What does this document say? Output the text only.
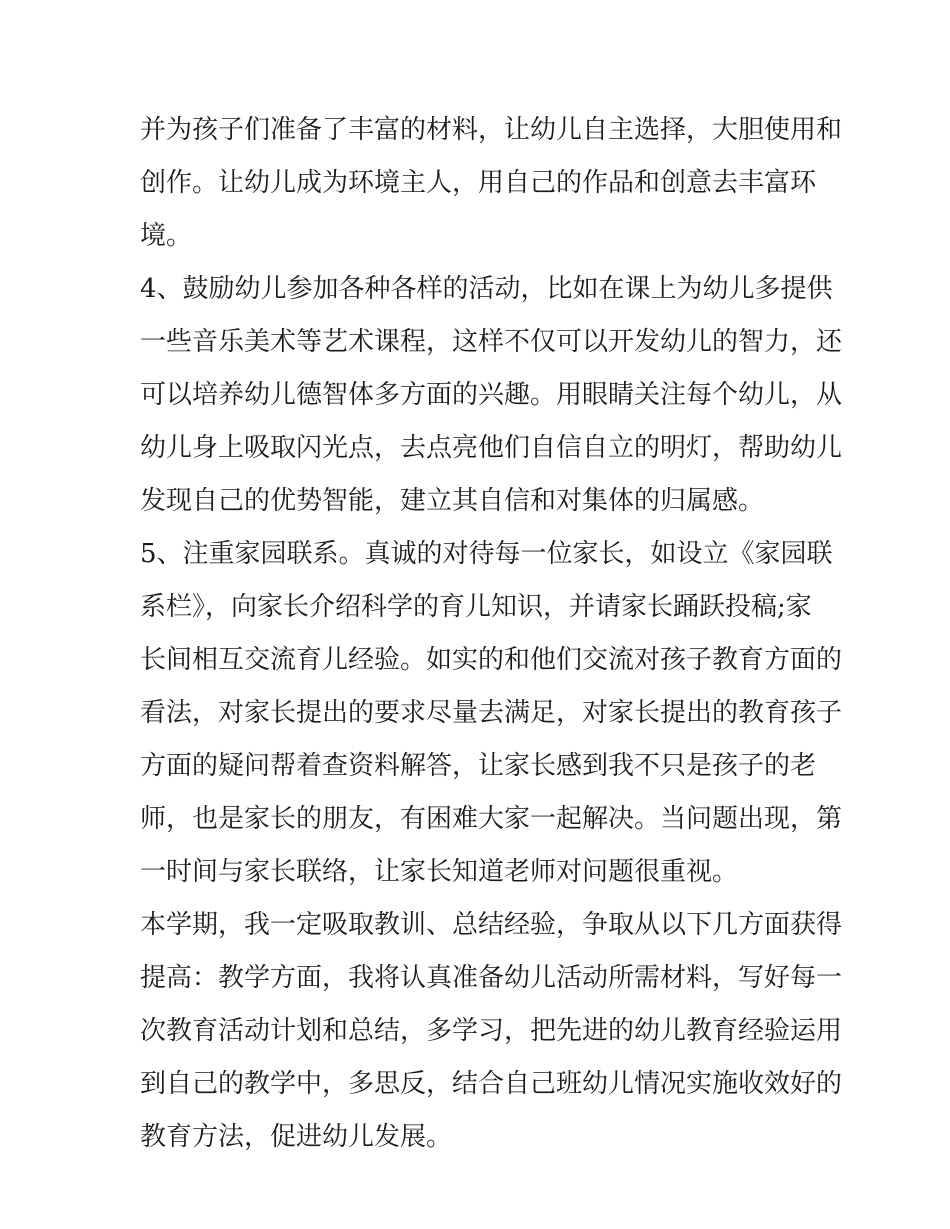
并为孩子们准备了丰富的材料，让幼儿自主选择，大胆使用和
创作。让幼儿成为环境主人，用自己的作品和创意去丰富环
境。
4、鼓励幼儿参加各种各样的活动，比如在课上为幼儿多提供
一些音乐美术等艺术课程，这样不仅可以开发幼儿的智力，还
可以培养幼儿德智体多方面的兴趣。用眼睛关注每个幼儿，从
幼儿身上吸取闪光点，去点亮他们自信自立的明灯，帮助幼儿
发现自己的优势智能，建立其自信和对集体的归属感。
5、注重家园联系。真诚的对待每一位家长，如设立《家园联
系栏》，向家长介绍科学的育儿知识，并请家长踊跃投稿;家
长间相互交流育儿经验。如实的和他们交流对孩子教育方面的
看法，对家长提出的要求尽量去满足，对家长提出的教育孩子
方面的疑问帮着查资料解答，让家长感到我不只是孩子的老
师，也是家长的朋友，有困难大家一起解决。当问题出现，第
一时间与家长联络，让家长知道老师对问题很重视。
本学期，我一定吸取教训、总结经验，争取从以下几方面获得
提高：教学方面，我将认真准备幼儿活动所需材料，写好每一
次教育活动计划和总结，多学习，把先进的幼儿教育经验运用
到自己的教学中，多思反，结合自己班幼儿情况实施收效好的
教育方法，促进幼儿发展。
